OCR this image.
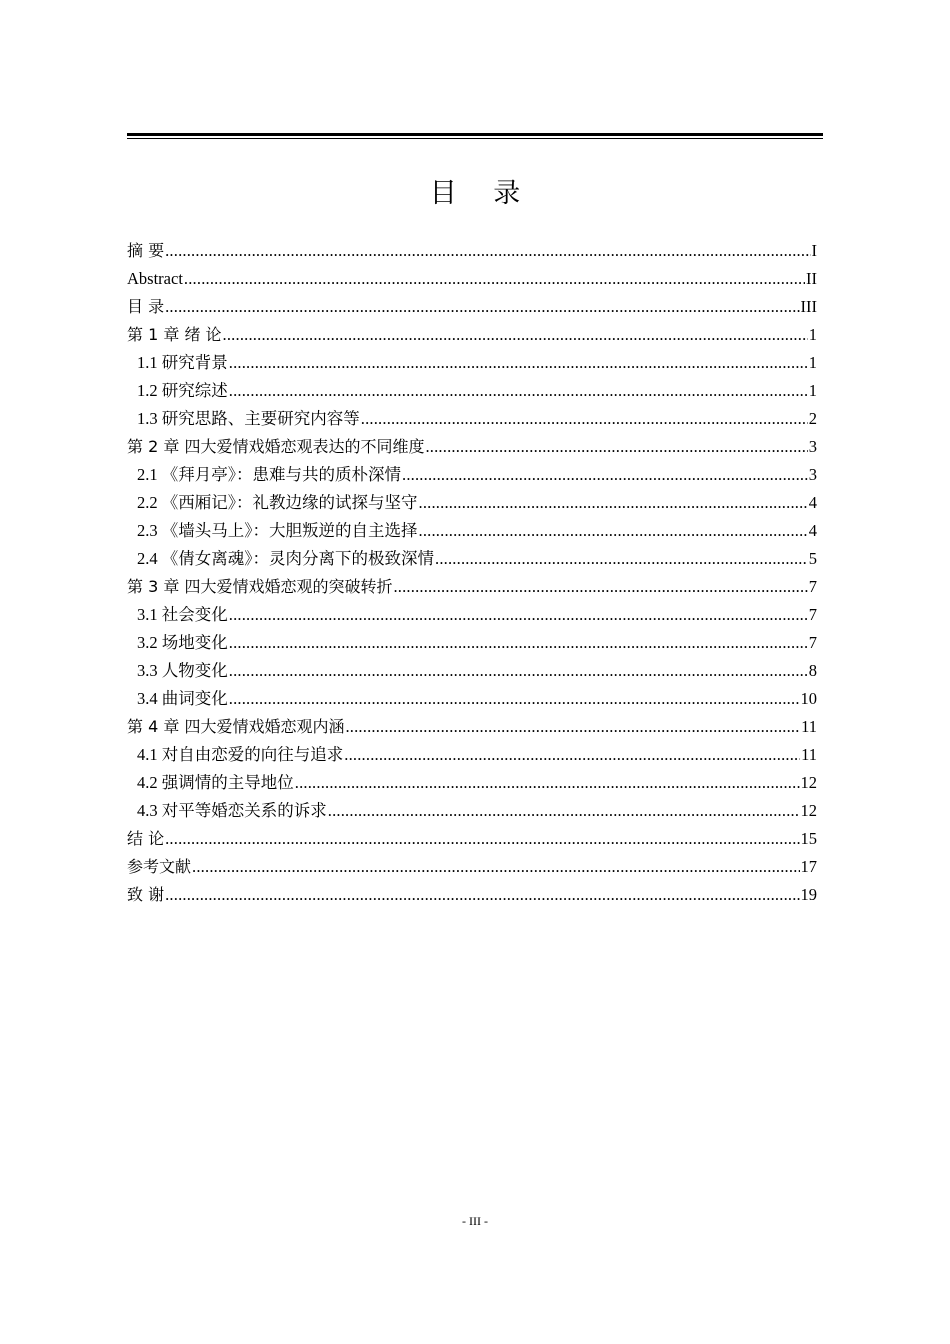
目 录
摘 要 .....	I
Abstract .....	II
目 录 .....	III
第 1 章 绪 论 .....	1
1.1 研究背景 .....	1
1.2 研究综述 .....	1
1.3 研究思路、主要研究内容等 .....	2
第 2 章 四大爱情戏婚恋观表达的不同维度 .....	3
2.1 《拜月亭》：患难与共的质朴深情 .....	3
2.2 《西厢记》：礼教边缘的试探与坚守 .....	4
2.3 《墙头马上》：大胆叛逆的自主选择 .....	4
2.4 《倩女离魂》：灵肉分离下的极致深情 .....	5
第 3 章 四大爱情戏婚恋观的突破转折 .....	7
3.1 社会变化 .....	7
3.2 场地变化 .....	7
3.3 人物变化 .....	8
3.4 曲词变化 .....	10
第 4 章 四大爱情戏婚恋观内涵 .....	11
4.1 对自由恋爱的向往与追求 .....	11
4.2 强调情的主导地位 .....	12
4.3 对平等婚恋关系的诉求 .....	12
结 论 .....	15
参考文献 .....	17
致 谢 .....	19
- III -
